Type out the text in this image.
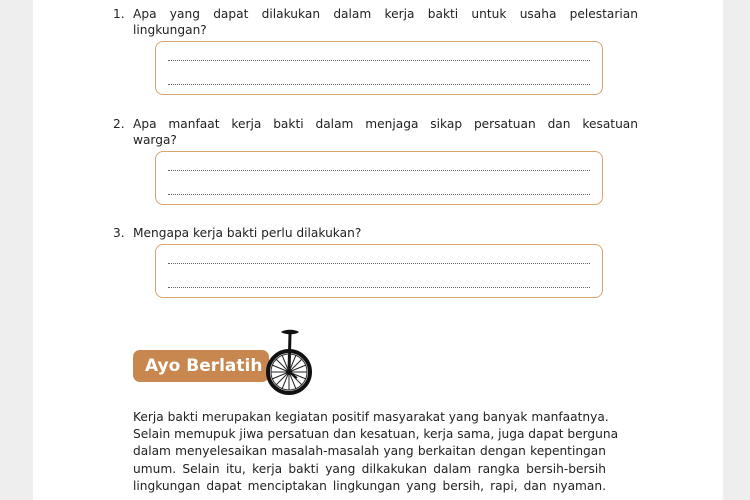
1. Apa yang dapat dilakukan dalam kerja bakti untuk usaha pelestarian
lingkungan?
2. Apa manfaat kerja bakti dalam menjaga sikap persatuan dan kesatuan
warga?
3. Mengapa kerja bakti perlu dilakukan?
Ayo Berlatih
Kerja bakti merupakan kegiatan positif masyarakat yang banyak manfaatnya.
Selain memupuk jiwa persatuan dan kesatuan, kerja sama, juga dapat berguna
dalam menyelesaikan masalah-masalah yang berkaitan dengan kepentingan
umum. Selain itu, kerja bakti yang dilkakukan dalam rangka bersih-bersih
lingkungan dapat menciptakan lingkungan yang bersih, rapi, dan nyaman.
